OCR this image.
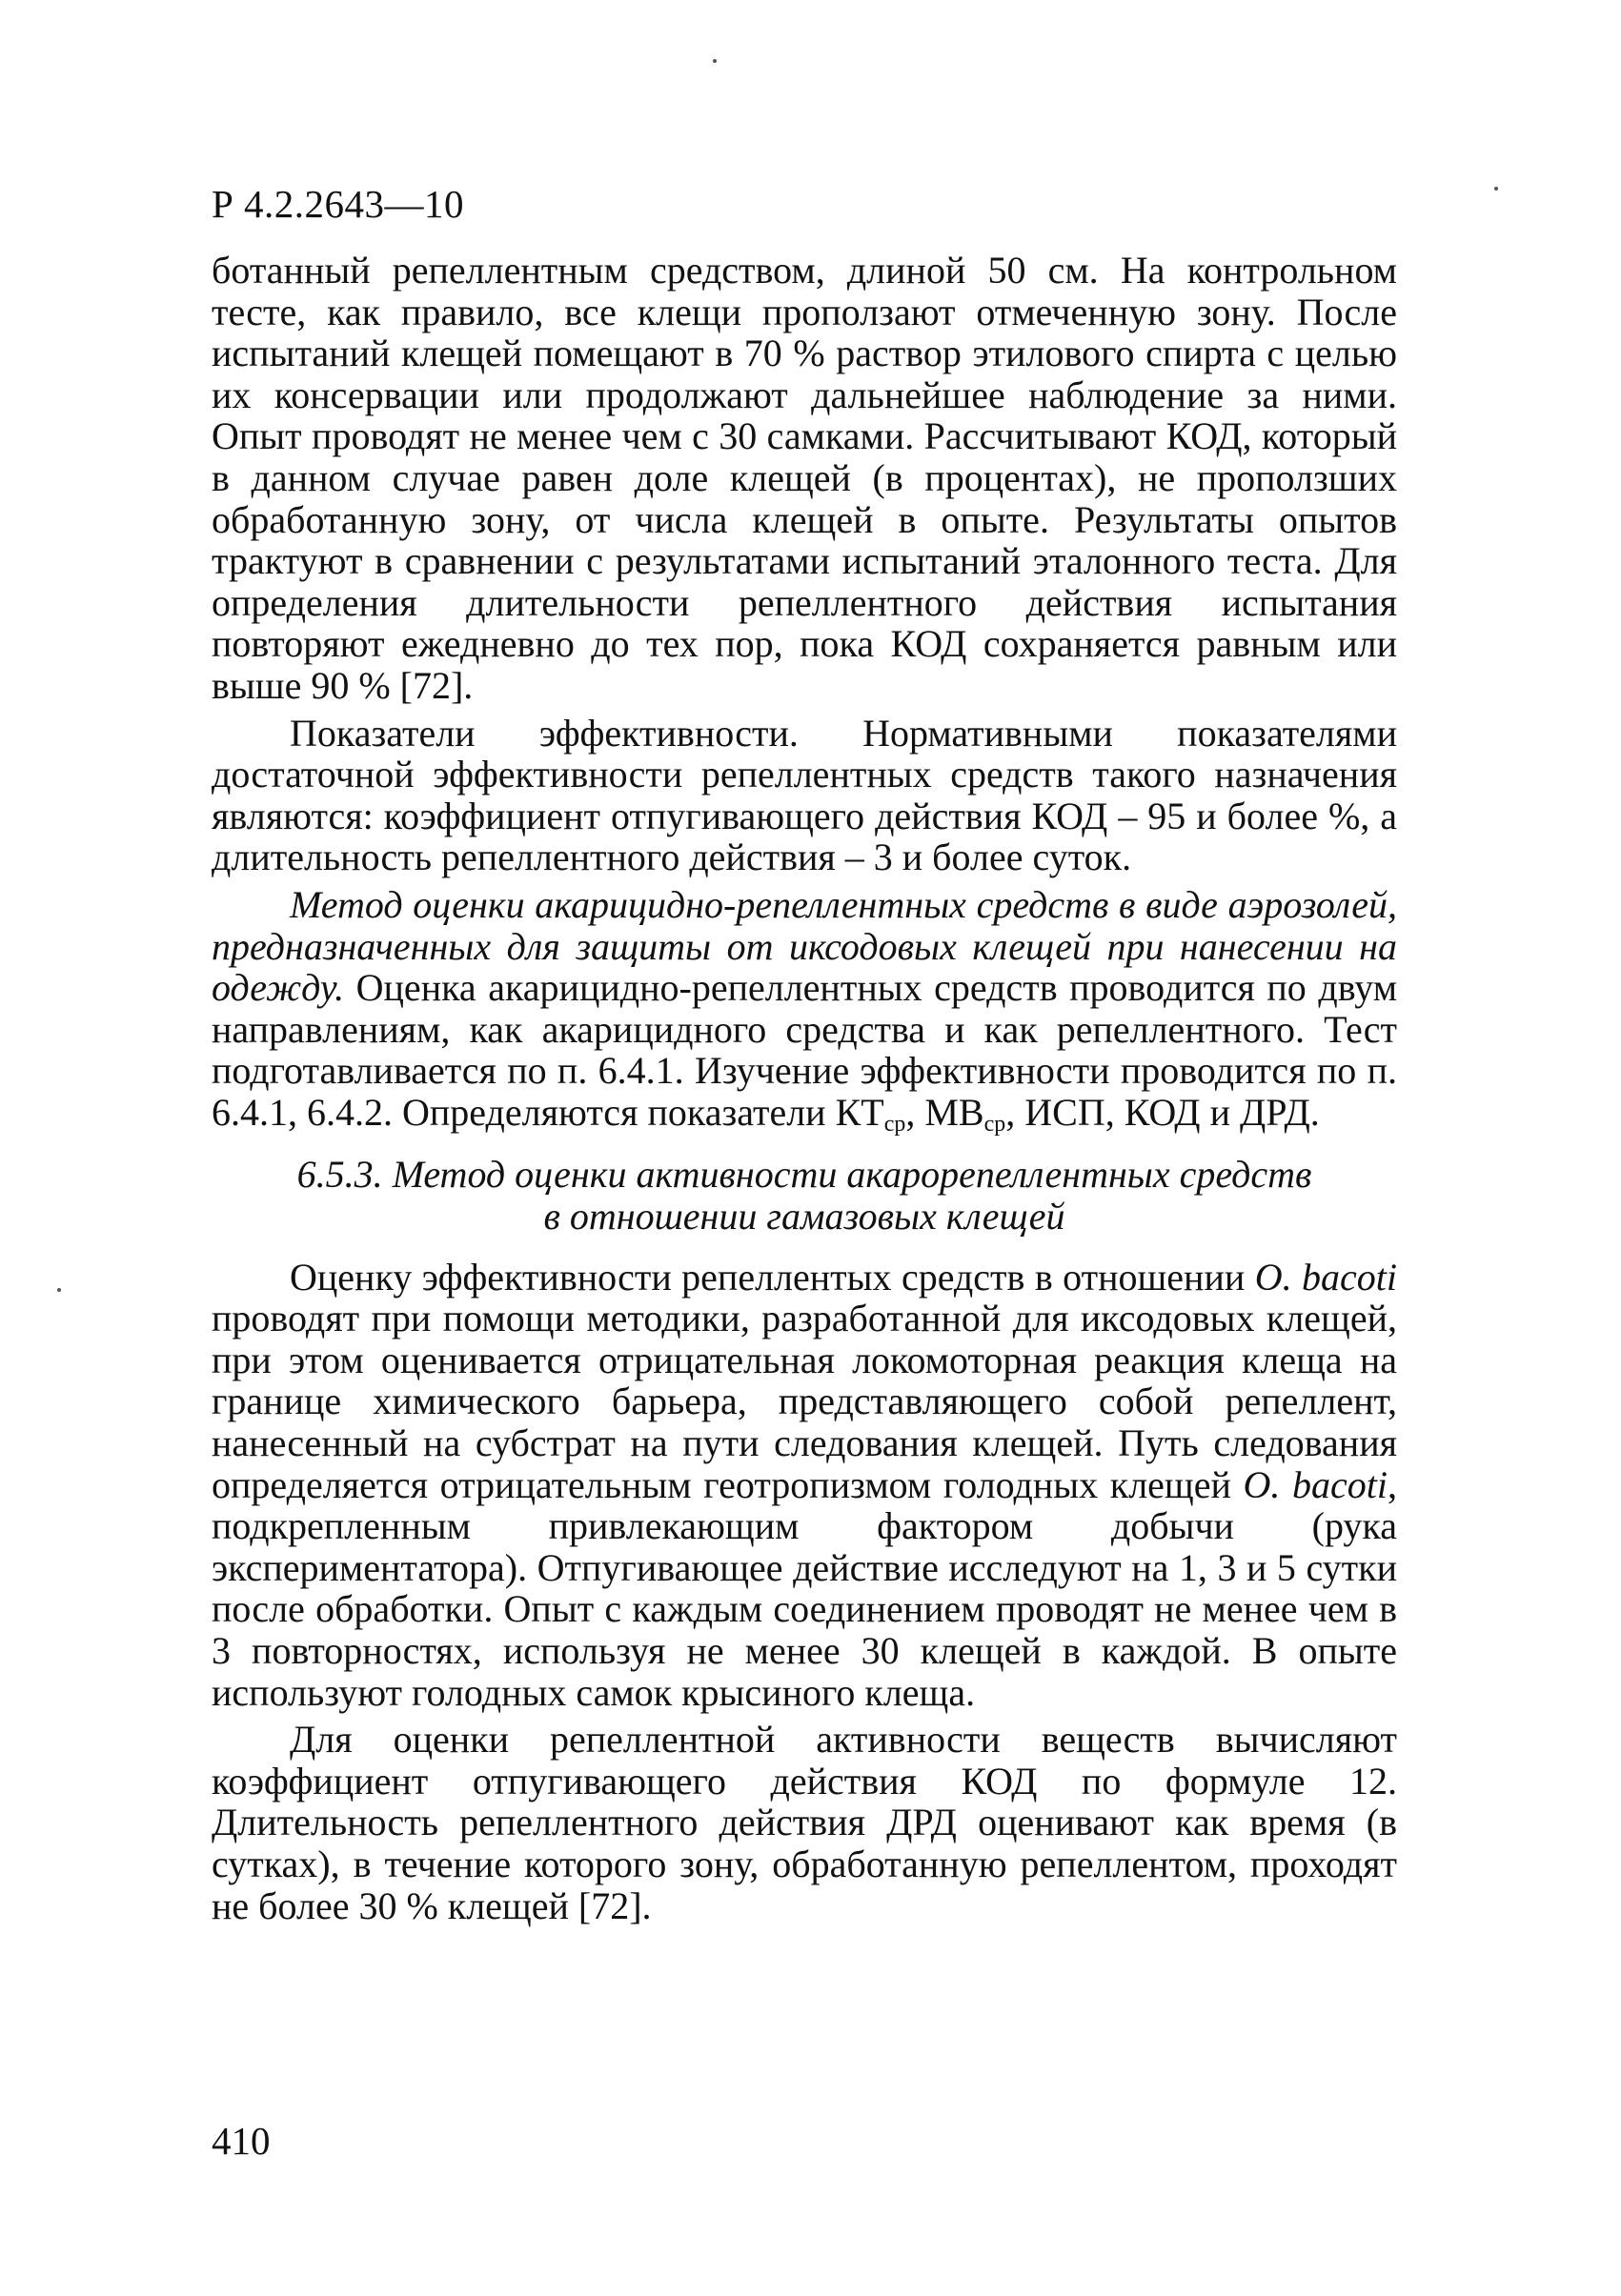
Р 4.2.2643—10

ботанный репеллентным средством, длиной 50 см. На контрольном тесте, как правило, все клещи проползают отмеченную зону. После испытаний клещей помещают в 70 % раствор этилового спирта с целью их консервации или продолжают дальнейшее наблюдение за ними. Опыт проводят не менее чем с 30 самками. Рассчитывают КОД, который в данном случае равен доле клещей (в процентах), не проползших обработанную зону, от числа клещей в опыте. Результаты опытов трактуют в сравнении с результатами испытаний эталонного теста. Для определения длительности репеллентного действия испытания повторяют ежедневно до тех пор, пока КОД сохраняется равным или выше 90 % [72].

Показатели эффективности. Нормативными показателями достаточной эффективности репеллентных средств такого назначения являются: коэффициент отпугивающего действия КОД – 95 и более %, а длительность репеллентного действия – 3 и более суток.

Метод оценки акарицидно-репеллентных средств в виде аэрозолей, предназначенных для защиты от иксодовых клещей при нанесении на одежду. Оценка акарицидно-репеллентных средств проводится по двум направлениям, как акарицидного средства и как репеллентного. Тест подготавливается по п. 6.4.1. Изучение эффективности проводится по п. 6.4.1, 6.4.2. Определяются показатели $КТ_{ср}$, $МВ_{ср}$, ИСП, КОД и ДРД.

6.5.3. Метод оценки активности акарорепеллентных средств
в отношении гамазовых клещей

Оценку эффективности репеллентых средств в отношении O. bacoti проводят при помощи методики, разработанной для иксодовых клещей, при этом оценивается отрицательная локомоторная реакция клеща на границе химического барьера, представляющего собой репеллент, нанесенный на субстрат на пути следования клещей. Путь следования определяется отрицательным геотропизмом голодных клещей O. bacoti, подкрепленным привлекающим фактором добычи (рука экспериментатора). Отпугивающее действие исследуют на 1, 3 и 5 сутки после обработки. Опыт с каждым соединением проводят не менее чем в 3 повторностях, используя не менее 30 клещей в каждой. В опыте используют голодных самок крысиного клеща.

Для оценки репеллентной активности веществ вычисляют коэффициент отпугивающего действия КОД по формуле 12. Длительность репеллентного действия ДРД оценивают как время (в сутках), в течение которого зону, обработанную репеллентом, проходят не более 30 % клещей [72].

410
